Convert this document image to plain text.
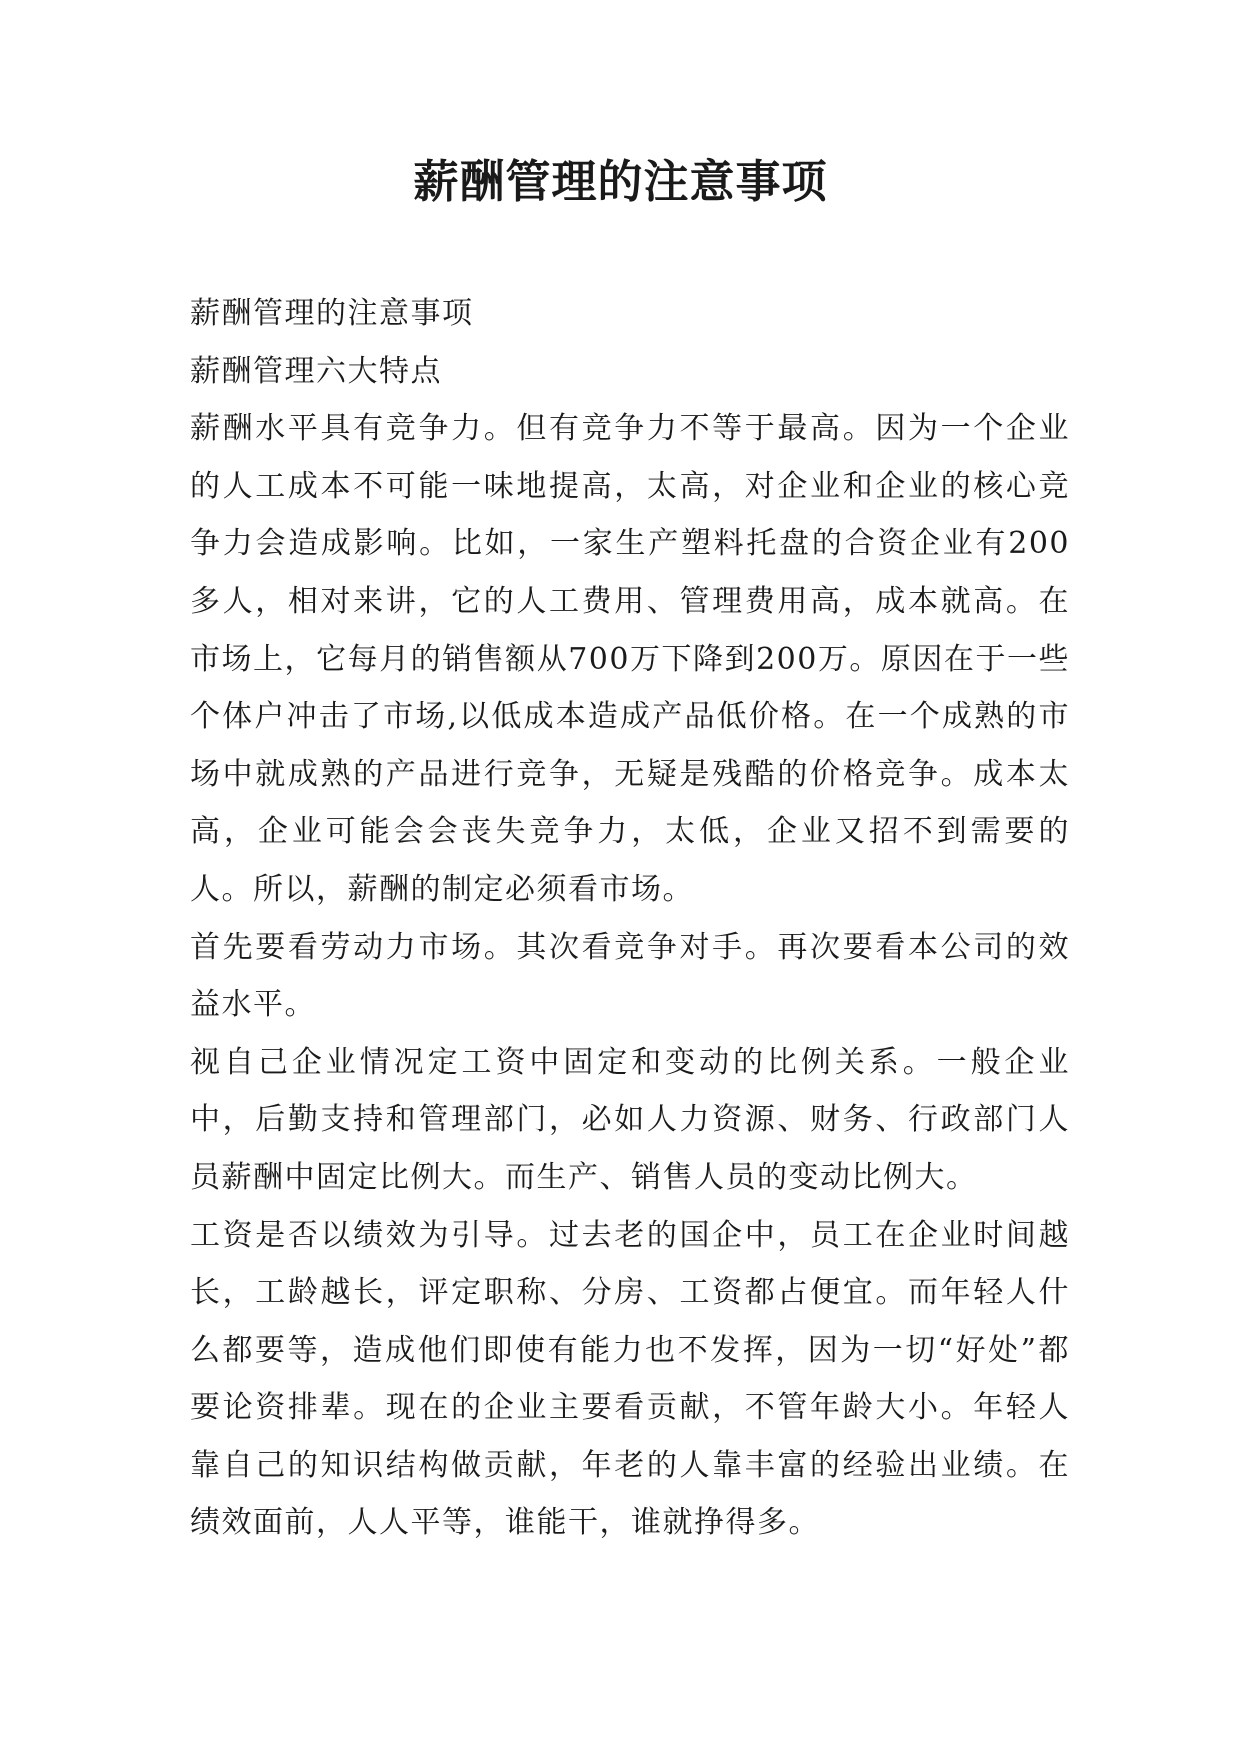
薪酬管理的注意事项

薪酬管理的注意事项

薪酬管理六大特点

薪酬水平具有竞争力。但有竞争力不等于最高。因为一个企业的人工成本不可能一味地提高，太高，对企业和企业的核心竞争力会造成影响。比如，一家生产塑料托盘的合资企业有200多人，相对来讲，它的人工费用、管理费用高，成本就高。在市场上，它每月的销售额从700万下降到200万。原因在于一些个体户冲击了市场,以低成本造成产品低价格。在一个成熟的市场中就成熟的产品进行竞争，无疑是残酷的价格竞争。成本太高，企业可能会会丧失竞争力，太低，企业又招不到需要的人。所以，薪酬的制定必须看市场。

首先要看劳动力市场。其次看竞争对手。再次要看本公司的效益水平。

视自己企业情况定工资中固定和变动的比例关系。一般企业中，后勤支持和管理部门，必如人力资源、财务、行政部门人员薪酬中固定比例大。而生产、销售人员的变动比例大。

工资是否以绩效为引导。过去老的国企中，员工在企业时间越长，工龄越长，评定职称、分房、工资都占便宜。而年轻人什么都要等，造成他们即使有能力也不发挥，因为一切“好处”都要论资排辈。现在的企业主要看贡献，不管年龄大小。年轻人靠自己的知识结构做贡献，年老的人靠丰富的经验出业绩。在绩效面前，人人平等，谁能干，谁就挣得多。
